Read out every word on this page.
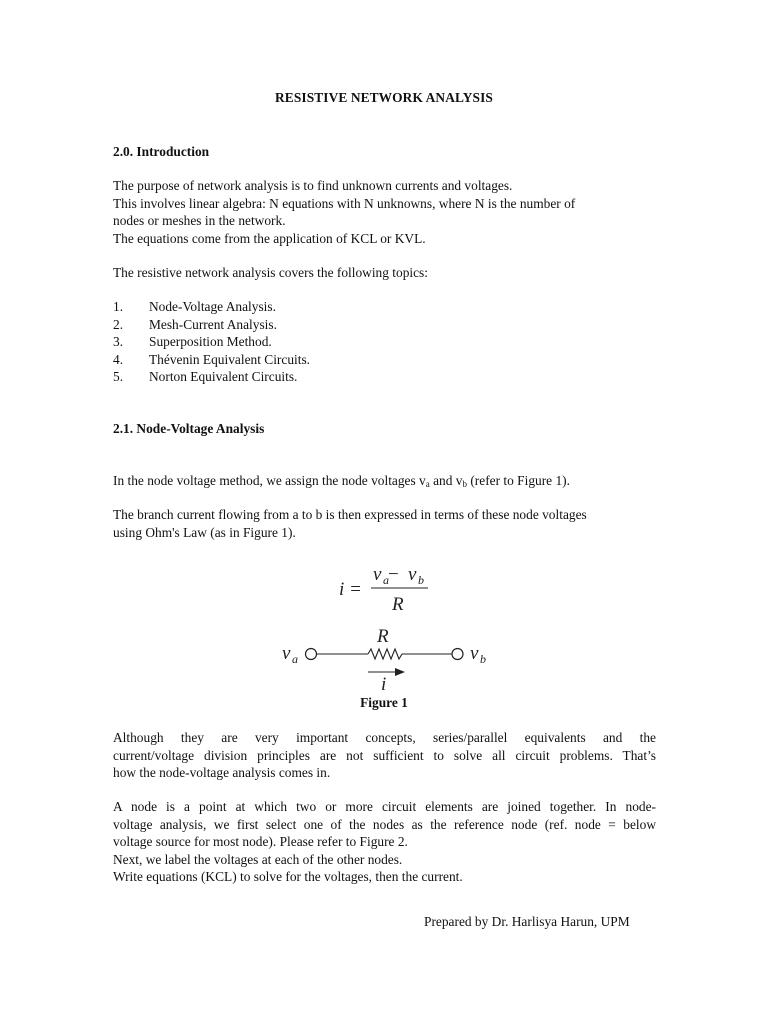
RESISTIVE NETWORK ANALYSIS
2.0. Introduction
The purpose of network analysis is to find unknown currents and voltages.
This involves linear algebra: N equations with N unknowns, where N is the number of
nodes or meshes in the network.
The equations come from the application of KCL or KVL.
The resistive network analysis covers the following topics:
1. Node-Voltage Analysis.
2. Mesh-Current Analysis.
3. Superposition Method.
4. Thévenin Equivalent Circuits.
5. Norton Equivalent Circuits.
2.1. Node-Voltage Analysis
In the node voltage method, we assign the node voltages $v_a$ and $v_b$ (refer to Figure 1).
The branch current flowing from a to b is then expressed in terms of these node voltages
using Ohm's Law (as in Figure 1).
i =
v a − v b
R
R
v a	v b
i
Figure 1
Although they are very important concepts, series/parallel equivalents and the
current/voltage division principles are not sufficient to solve all circuit problems. That’s
how the node-voltage analysis comes in.
A node is a point at which two or more circuit elements are joined together. In node-
voltage analysis, we first select one of the nodes as the reference node (ref. node = below
voltage source for most node). Please refer to Figure 2.
Next, we label the voltages at each of the other nodes.
Write equations (KCL) to solve for the voltages, then the current.
Prepared by Dr. Harlisya Harun, UPM
